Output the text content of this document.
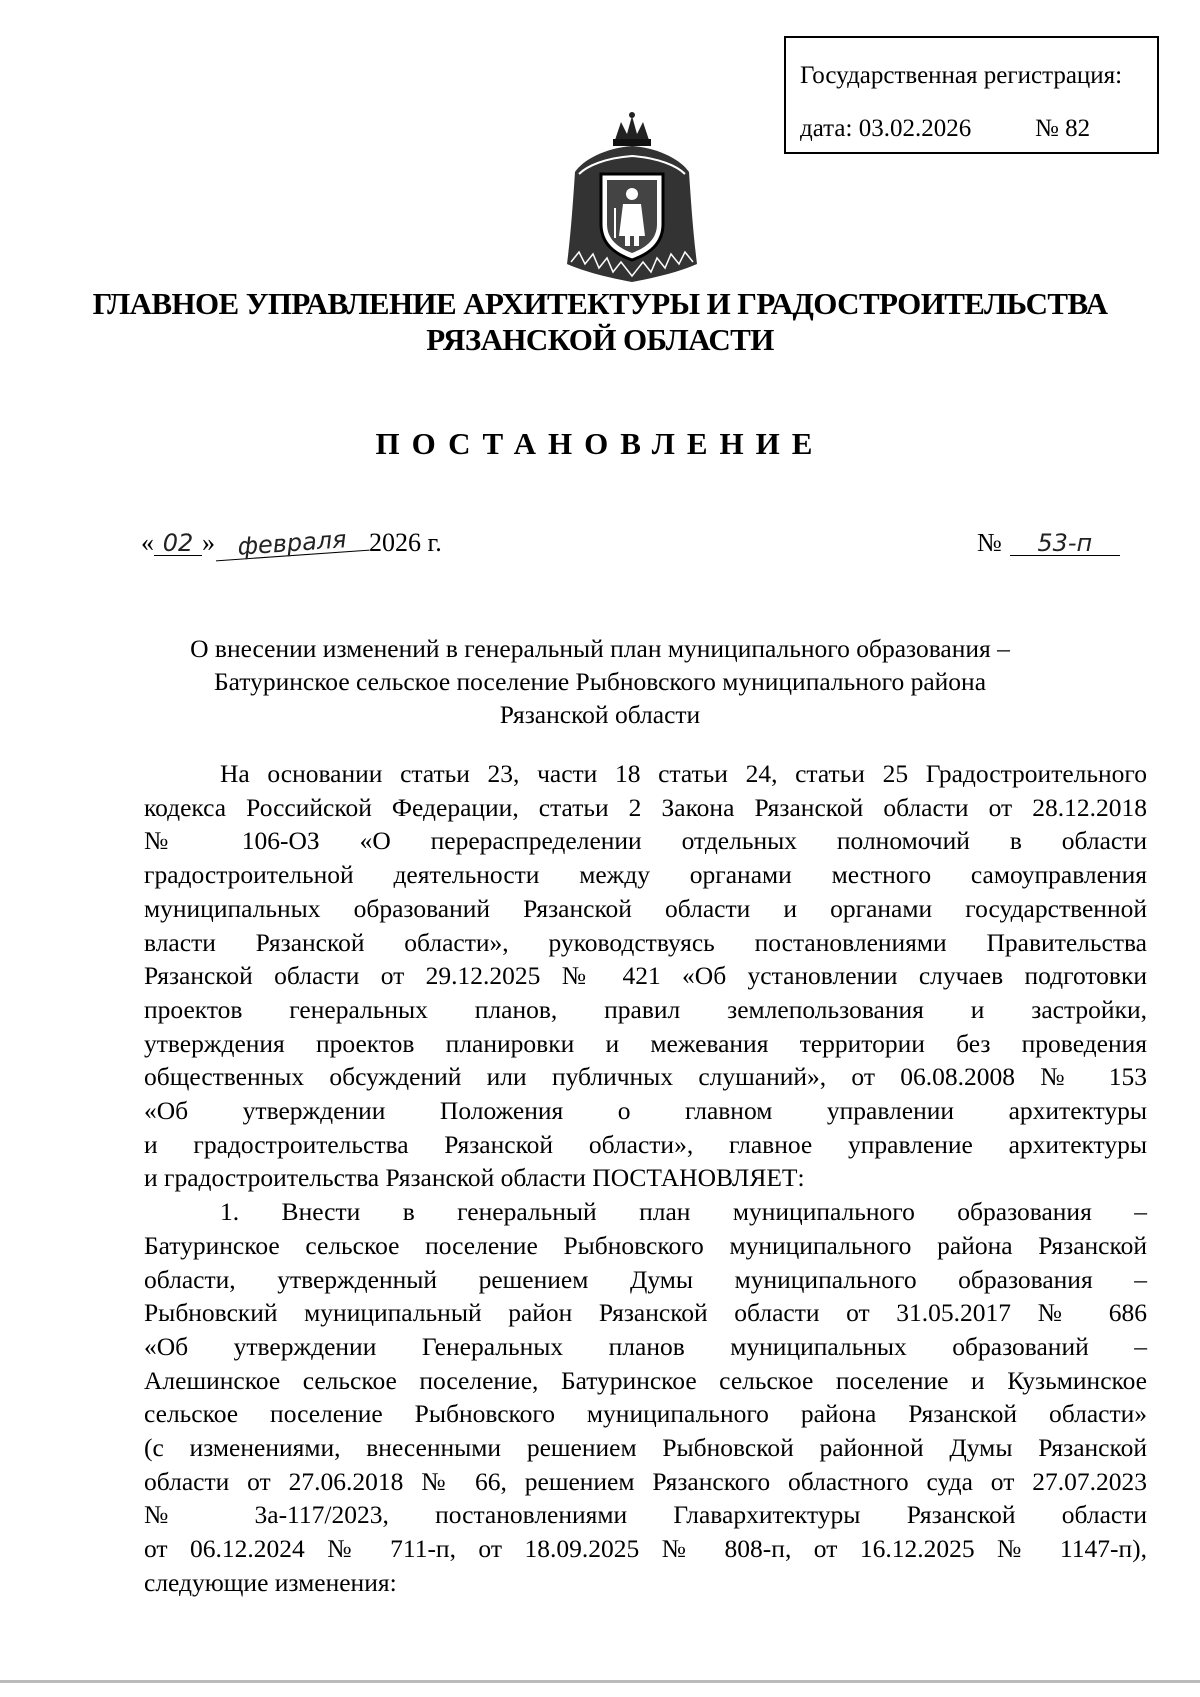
Государственная регистрация:
дата: 03.02.2026	№ 82
ГЛАВНОЕ УПРАВЛЕНИЕ АРХИТЕКТУРЫ И ГРАДОСТРОИТЕЛЬСТВА
РЯЗАНСКОЙ ОБЛАСТИ
ПОСТАНОВЛЕНИЕ
« 02 » февраля 2026 г.	№ 53-п
О внесении изменений в генеральный план муниципального образования –
Батуринское сельское поселение Рыбновского муниципального района
Рязанской области

На основании статьи 23, части 18 статьи 24, статьи 25 Градостроительного

кодекса Российской Федерации, статьи 2 Закона Рязанской области от 28.12.2018

№ 106-ОЗ «О перераспределении отдельных полномочий в области

градостроительной деятельности между органами местного самоуправления

муниципальных образований Рязанской области и органами государственной

власти Рязанской области», руководствуясь постановлениями Правительства

Рязанской области от 29.12.2025 № 421 «Об установлении случаев подготовки

проектов генеральных планов, правил землепользования и застройки,

утверждения проектов планировки и межевания территории без проведения

общественных обсуждений или публичных слушаний», от 06.08.2008 № 153

«Об утверждении Положения о главном управлении архитектуры

и градостроительства Рязанской области», главное управление архитектуры

и градостроительства Рязанской области ПОСТАНОВЛЯЕТ:

1. Внести в генеральный план муниципального образования –

Батуринское сельское поселение Рыбновского муниципального района Рязанской

области, утвержденный решением Думы муниципального образования –

Рыбновский муниципальный район Рязанской области от 31.05.2017 № 686

«Об утверждении Генеральных планов муниципальных образований –

Алешинское сельское поселение, Батуринское сельское поселение и Кузьминское

сельское поселение Рыбновского муниципального района Рязанской области»

(с изменениями, внесенными решением Рыбновской районной Думы Рязанской

области от 27.06.2018 № 66, решением Рязанского областного суда от 27.07.2023

№ 3а-117/2023, постановлениями Главархитектуры Рязанской области

от 06.12.2024 № 711-п, от 18.09.2025 № 808-п, от 16.12.2025 № 1147-п),

следующие изменения:
